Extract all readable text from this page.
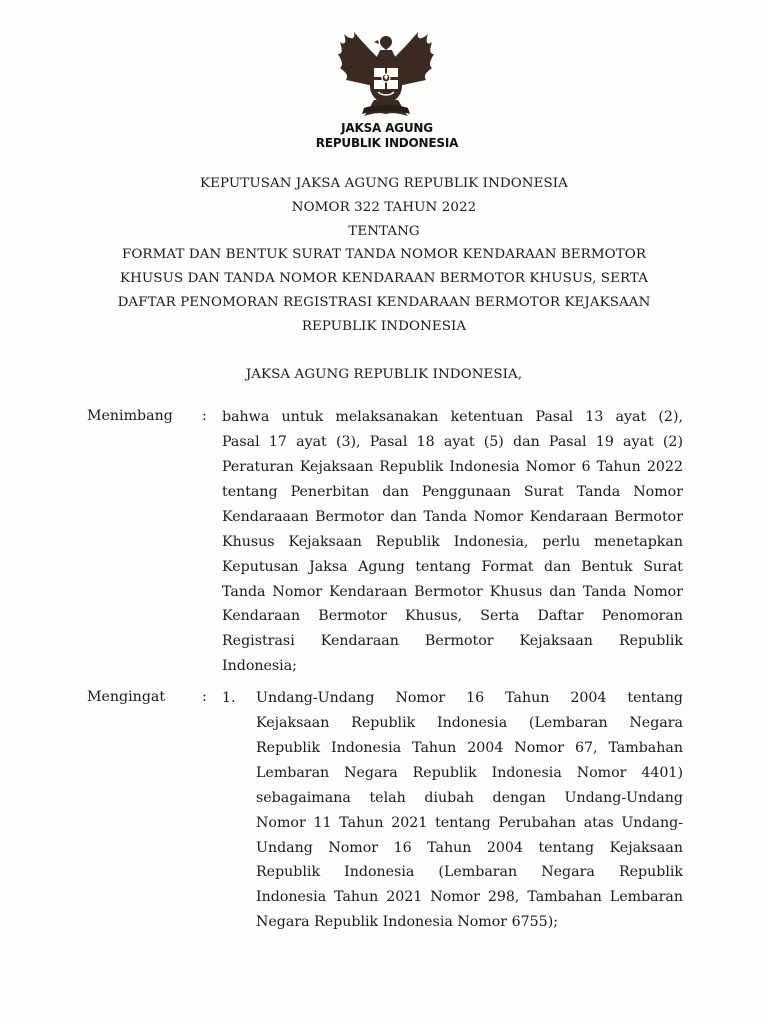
JAKSA AGUNG
REPUBLIK INDONESIA
KEPUTUSAN JAKSA AGUNG REPUBLIK INDONESIA
NOMOR 322 TAHUN 2022
TENTANG
FORMAT DAN BENTUK SURAT TANDA NOMOR KENDARAAN BERMOTOR
KHUSUS DAN TANDA NOMOR KENDARAAN BERMOTOR KHUSUS, SERTA
DAFTAR PENOMORAN REGISTRASI KENDARAAN BERMOTOR KEJAKSAAN
REPUBLIK INDONESIA
JAKSA AGUNG REPUBLIK INDONESIA,
Menimbang : bahwa untuk melaksanakan ketentuan Pasal 13 ayat (2),
Pasal 17 ayat (3), Pasal 18 ayat (5) dan Pasal 19 ayat (2)
Peraturan Kejaksaan Republik Indonesia Nomor 6 Tahun 2022
tentang Penerbitan dan Penggunaan Surat Tanda Nomor
Kendaraaan Bermotor dan Tanda Nomor Kendaraan Bermotor
Khusus Kejaksaan Republik Indonesia, perlu menetapkan
Keputusan Jaksa Agung tentang Format dan Bentuk Surat
Tanda Nomor Kendaraan Bermotor Khusus dan Tanda Nomor
Kendaraan Bermotor Khusus, Serta Daftar Penomoran
Registrasi Kendaraan Bermotor Kejaksaan Republik
Indonesia;
Mengingat	: 1. Undang-Undang Nomor 16 Tahun 2004 tentang
Kejaksaan Republik Indonesia (Lembaran Negara
Republik Indonesia Tahun 2004 Nomor 67, Tambahan
Lembaran Negara Republik Indonesia Nomor 4401)
sebagaimana telah diubah dengan Undang-Undang
Nomor 11 Tahun 2021 tentang Perubahan atas Undang-
Undang Nomor 16 Tahun 2004 tentang Kejaksaan
Republik Indonesia (Lembaran Negara Republik
Indonesia Tahun 2021 Nomor 298, Tambahan Lembaran
Negara Republik Indonesia Nomor 6755);
